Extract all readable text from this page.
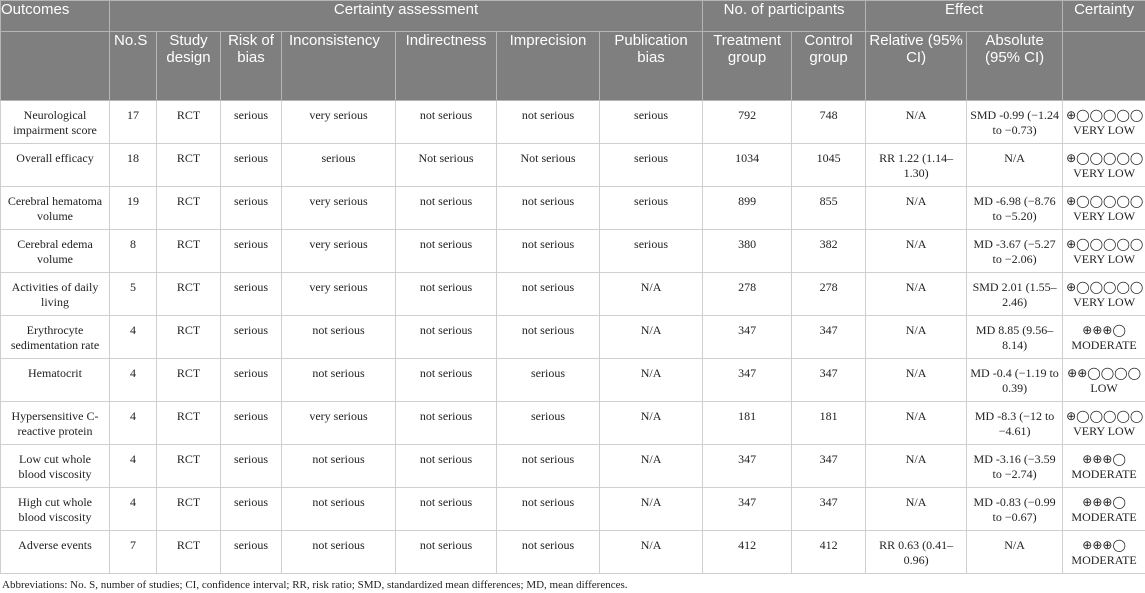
Outcomes	Certainty assessment							No. of participants		Effect		Certainty
	No.S	Study design	Risk of bias	Inconsistency	Indirectness	Imprecision	Publication bias	Treatment group	Control group	Relative (95% CI)	Absolute (95% CI)	
Neurological impairment score	17	RCT	serious	very serious	not serious	not serious	serious	792	748	N/A	SMD -0.99 (−1.24 to −0.73)	⊕◯◯◯◯◯
VERY LOW

Overall efficacy	18	RCT	serious	serious	Not serious	Not serious	serious	1034	1045	RR 1.22 (1.14–1.30)	N/A	⊕◯◯◯◯◯
VERY LOW

Cerebral hematoma volume	19	RCT	serious	very serious	not serious	not serious	serious	899	855	N/A	MD -6.98 (−8.76 to −5.20)	⊕◯◯◯◯◯
VERY LOW

Cerebral edema volume	8	RCT	serious	very serious	not serious	not serious	serious	380	382	N/A	MD -3.67 (−5.27 to −2.06)	⊕◯◯◯◯◯
VERY LOW

Activities of daily living	5	RCT	serious	very serious	not serious	not serious	N/A	278	278	N/A	SMD 2.01 (1.55–2.46)	⊕◯◯◯◯◯
VERY LOW

Erythrocyte sedimentation rate	4	RCT	serious	not serious	not serious	not serious	N/A	347	347	N/A	MD 8.85 (9.56–8.14)	⊕⊕⊕◯
MODERATE

Hematocrit	4	RCT	serious	not serious	not serious	serious	N/A	347	347	N/A	MD -0.4 (−1.19 to 0.39)	⊕⊕◯◯◯◯
LOW

Hypersensitive C-reactive protein	4	RCT	serious	very serious	not serious	serious	N/A	181	181	N/A	MD -8.3 (−12 to −4.61)	⊕◯◯◯◯◯
VERY LOW

Low cut whole blood viscosity	4	RCT	serious	not serious	not serious	not serious	N/A	347	347	N/A	MD -3.16 (−3.59 to −2.74)	⊕⊕⊕◯
MODERATE

High cut whole blood viscosity	4	RCT	serious	not serious	not serious	not serious	N/A	347	347	N/A	MD -0.83 (−0.99 to −0.67)	⊕⊕⊕◯
MODERATE

Adverse events	7	RCT	serious	not serious	not serious	not serious	N/A	412	412	RR 0.63 (0.41–0.96)	N/A	⊕⊕⊕◯
MODERATE
Abbreviations: No. S, number of studies; CI, confidence interval; RR, risk ratio; SMD, standardized mean differences; MD, mean differences.
